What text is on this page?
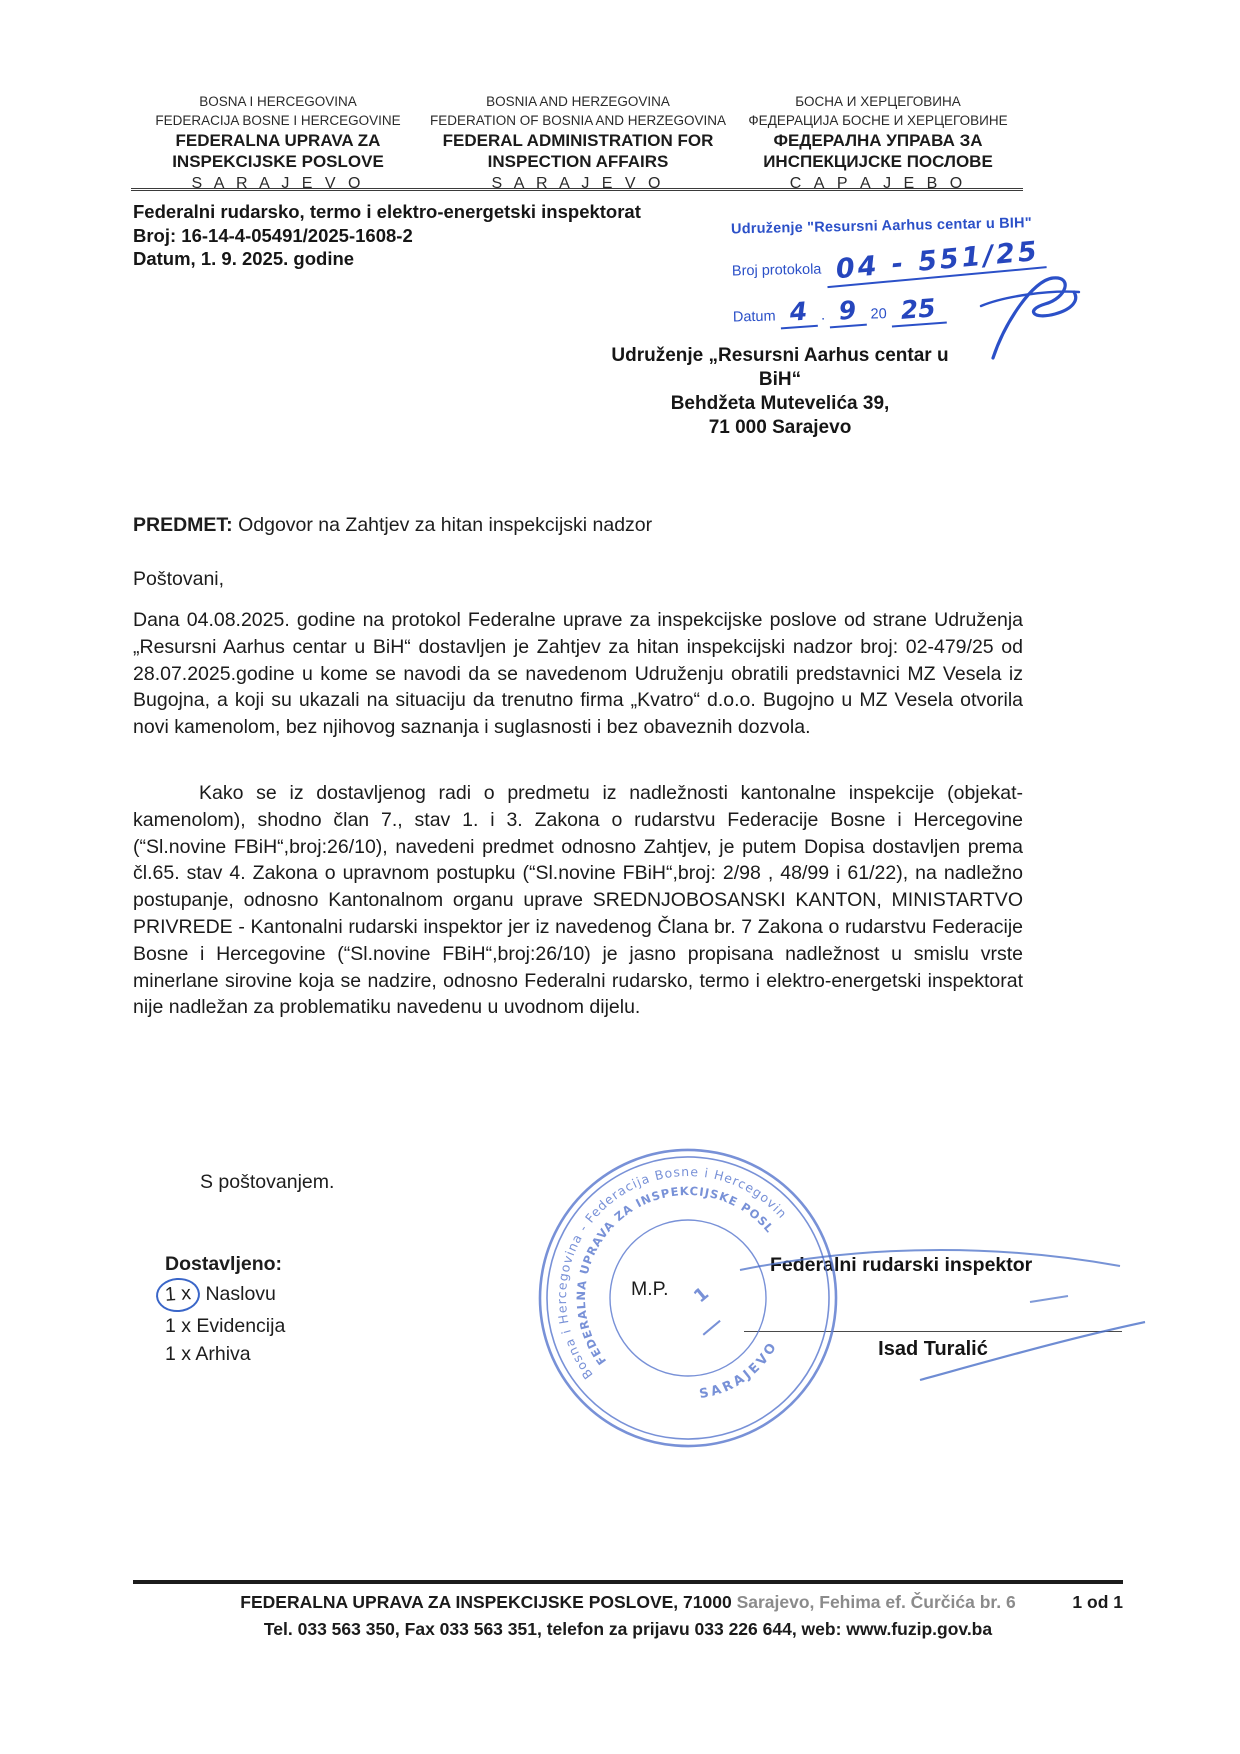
BOSNA I HERCEGOVINA
FEDERACIJA BOSNE I HERCEGOVINE
FEDERALNA UPRAVA ZA
INSPEKCIJSKE POSLOVE
S A R A J E V O
BOSNIA AND HERZEGOVINA
FEDERATION OF BOSNIA AND HERZEGOVINA
FEDERAL ADMINISTRATION FOR
INSPECTION AFFAIRS
S A R A J E V O
БОСНА И ХЕРЦЕГОВИНА
ФЕДЕРАЦИЈА БОСНЕ И ХЕРЦЕГОВИНЕ
ФЕДЕРАЛНА УПРАВА ЗА
ИНСПЕКЦИЈСКЕ ПОСЛОВЕ
С А Р А Ј Е В О
Federalni rudarsko, termo i elektro-energetski inspektorat
Broj: 16-14-4-05491/2025-1608-2
Datum, 1. 9. 2025. godine
Udruženje "Resursni Aarhus centar u BIH"
Broj protokola 04 - 551/25
Datum 4 . 9 20 25
Udruženje „Resursni Aarhus centar u
BiH“
Behdžeta Mutevelića 39,
71 000 Sarajevo
PREDMET: Odgovor na Zahtjev za hitan inspekcijski nadzor
Poštovani,
Dana 04.08.2025. godine na protokol Federalne uprave za inspekcijske poslove od strane Udruženja „Resursni Aarhus centar u BiH“ dostavljen je Zahtjev za hitan inspekcijski nadzor broj: 02-479/25 od 28.07.2025.godine u kome se navodi da se navedenom Udruženju obratili predstavnici MZ Vesela iz Bugojna, a koji su ukazali na situaciju da trenutno firma „Kvatro“ d.o.o. Bugojno u MZ Vesela otvorila novi kamenolom, bez njihovog saznanja i suglasnosti i bez obaveznih dozvola.
Kako se iz dostavljenog radi o predmetu iz nadležnosti kantonalne inspekcije (objekat-kamenolom), shodno član 7., stav 1. i 3. Zakona o rudarstvu Federacije Bosne i Hercegovine (“Sl.novine FBiH“,broj:26/10), navedeni predmet odnosno Zahtjev, je putem Dopisa dostavljen prema čl.65. stav 4. Zakona o upravnom postupku (“Sl.novine FBiH“,broj: 2/98 , 48/99 i 61/22), na nadležno postupanje, odnosno Kantonalnom organu uprave SREDNJOBOSANSKI KANTON, MINISTARTVO PRIVREDE - Kantonalni rudarski inspektor jer iz navedenog Člana br. 7 Zakona o rudarstvu Federacije Bosne i Hercegovine (“Sl.novine FBiH“,broj:26/10) je jasno propisana nadležnost u smislu vrste minerlane sirovine koja se nadzire, odnosno Federalni rudarsko, termo i elektro-energetski inspektorat nije nadležan za problematiku navedenu u uvodnom dijelu.
S poštovanjem.
Dostavljeno:
1 x Naslovu
1 x Evidencija
1 x Arhiva
M.P.
Federalni rudarski inspektor
Isad Turalić
Bosna i Hercegovina - Federacija Bosne i Hercegovine
FEDERALNA UPRAVA ZA INSPEKCIJSKE POSLOVE
SARAJEVO
1
FEDERALNA UPRAVA ZA INSPEKCIJSKE POSLOVE, 71000 Sarajevo, Fehima ef. Čurčića br. 6	1 od 1
Tel. 033 563 350, Fax 033 563 351, telefon za prijavu 033 226 644, web: www.fuzip.gov.ba
